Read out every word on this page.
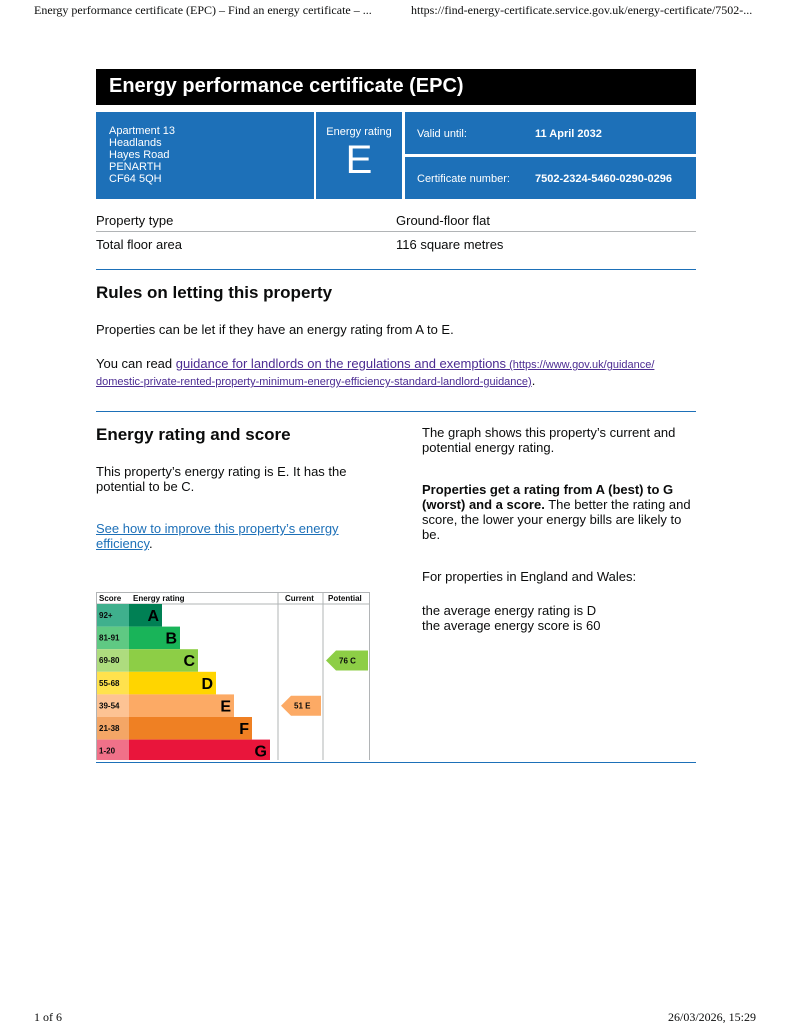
Energy performance certificate (EPC) – Find an energy certificate – ...	https://find-energy-certificate.service.gov.uk/energy-certificate/7502-...
Energy performance certificate (EPC)
Apartment 13
Headlands
Hayes Road
PENARTH
CF64 5QH
Energy rating
E
Valid until:	11 April 2032
Certificate number: 7502-2324-5460-0290-0296
Property type	Ground-floor flat
Total floor area	116 square metres
Rules on letting this property

Properties can be let if they have an energy rating from A to E.

You can read guidance for landlords on the regulations and exemptions (https://www.gov.uk/guidance/
domestic-private-rented-property-minimum-energy-efficiency-standard-landlord-guidance).

Energy rating and score

This property’s energy rating is E. It has the
potential to be C.

See how to improve this property’s energy
efficiency.

Score Energy rating	Current Potential
92+ A
81-91	B
69-80	C
55-68	D
39-54	E
21-38	F
1-20	G
51 E
76 C

The graph shows this property’s current and
potential energy rating.

Properties get a rating from A (best) to G
(worst) and a score. The better the rating and
score, the lower your energy bills are likely to
be.

For properties in England and Wales:

the average energy rating is D
the average energy score is 60

1 of 6	26/03/2026, 15:29
